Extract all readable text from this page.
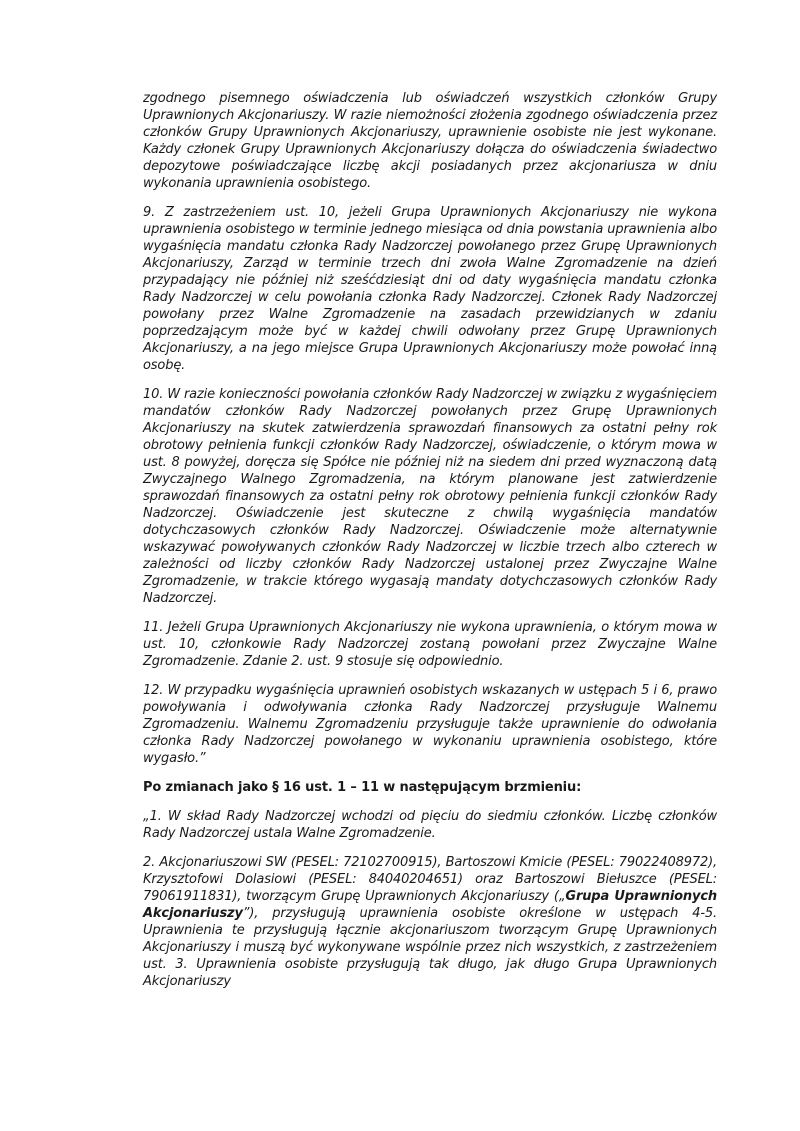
zgodnego pisemnego oświadczenia lub oświadczeń wszystkich członków Grupy Uprawnionych Akcjonariuszy. W razie niemożności złożenia zgodnego oświadczenia przez członków Grupy Uprawnionych Akcjonariuszy, uprawnienie osobiste nie jest wykonane. Każdy członek Grupy Uprawnionych Akcjonariuszy dołącza do oświadczenia świadectwo depozytowe poświadczające liczbę akcji posiadanych przez akcjonariusza w dniu wykonania uprawnienia osobistego.

9. Z zastrzeżeniem ust. 10, jeżeli Grupa Uprawnionych Akcjonariuszy nie wykona uprawnienia osobistego w terminie jednego miesiąca od dnia powstania uprawnienia albo wygaśnięcia mandatu członka Rady Nadzorczej powołanego przez Grupę Uprawnionych Akcjonariuszy, Zarząd w terminie trzech dni zwoła Walne Zgromadzenie na dzień przypadający nie później niż sześćdziesiąt dni od daty wygaśnięcia mandatu członka Rady Nadzorczej w celu powołania członka Rady Nadzorczej. Członek Rady Nadzorczej powołany przez Walne Zgromadzenie na zasadach przewidzianych w zdaniu poprzedzającym może być w każdej chwili odwołany przez Grupę Uprawnionych Akcjonariuszy, a na jego miejsce Grupa Uprawnionych Akcjonariuszy może powołać inną osobę.

10. W razie konieczności powołania członków Rady Nadzorczej w związku z wygaśnięciem mandatów członków Rady Nadzorczej powołanych przez Grupę Uprawnionych Akcjonariuszy na skutek zatwierdzenia sprawozdań finansowych za ostatni pełny rok obrotowy pełnienia funkcji członków Rady Nadzorczej, oświadczenie, o którym mowa w ust. 8 powyżej, doręcza się Spółce nie później niż na siedem dni przed wyznaczoną datą Zwyczajnego Walnego Zgromadzenia, na którym planowane jest zatwierdzenie sprawozdań finansowych za ostatni pełny rok obrotowy pełnienia funkcji członków Rady Nadzorczej. Oświadczenie jest skuteczne z chwilą wygaśnięcia mandatów dotychczasowych członków Rady Nadzorczej. Oświadczenie może alternatywnie wskazywać powoływanych członków Rady Nadzorczej w liczbie trzech albo czterech w zależności od liczby członków Rady Nadzorczej ustalonej przez Zwyczajne Walne Zgromadzenie, w trakcie którego wygasają mandaty dotychczasowych członków Rady Nadzorczej.

11. Jeżeli Grupa Uprawnionych Akcjonariuszy nie wykona uprawnienia, o którym mowa w ust. 10, członkowie Rady Nadzorczej zostaną powołani przez Zwyczajne Walne Zgromadzenie. Zdanie 2. ust. 9 stosuje się odpowiednio.

12. W przypadku wygaśnięcia uprawnień osobistych wskazanych w ustępach 5 i 6, prawo powoływania i odwoływania członka Rady Nadzorczej przysługuje Walnemu Zgromadzeniu. Walnemu Zgromadzeniu przysługuje także uprawnienie do odwołania członka Rady Nadzorczej powołanego w wykonaniu uprawnienia osobistego, które wygasło.”

Po zmianach jako § 16 ust. 1 – 11 w następującym brzmieniu:

„1. W skład Rady Nadzorczej wchodzi od pięciu do siedmiu członków. Liczbę członków Rady Nadzorczej ustala Walne Zgromadzenie.

2. Akcjonariuszowi SW (PESEL: 72102700915), Bartoszowi Kmicie (PESEL: 79022408972), Krzysztofowi Dolasiowi (PESEL: 84040204651) oraz Bartoszowi Biełuszce (PESEL: 79061911831), tworzącym Grupę Uprawnionych Akcjonariuszy („Grupa Uprawnionych Akcjonariuszy”), przysługują uprawnienia osobiste określone w ustępach 4-5. Uprawnienia te przysługują łącznie akcjonariuszom tworzącym Grupę Uprawnionych Akcjonariuszy i muszą być wykonywane wspólnie przez nich wszystkich, z zastrzeżeniem ust. 3. Uprawnienia osobiste przysługują tak długo, jak długo Grupa Uprawnionych Akcjonariuszy
